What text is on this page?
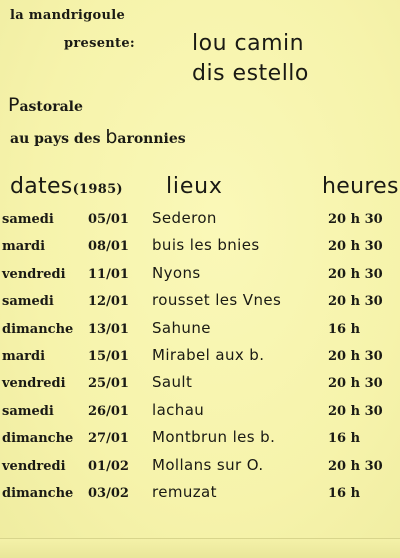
la mandrigoule
presente:	lou camin
dis estello
Pastorale
au pays des baronnies
dates(1985) lieux	heures
samedi	05/01 Sederon	20 h 30
mardi	08/01 buis les bnies	20 h 30
vendredi 11/01 Nyons	20 h 30
samedi	12/01 rousset les Vnes	20 h 30
dimanche 13/01 Sahune	16 h
mardi	15/01 Mirabel aux b.	20 h 30
vendredi 25/01 Sault	20 h 30
samedi	26/01 lachau	20 h 30
dimanche 27/01 Montbrun les b.	16 h
vendredi 01/02 Mollans sur O.	20 h 30
dimanche 03/02 remuzat	16 h
